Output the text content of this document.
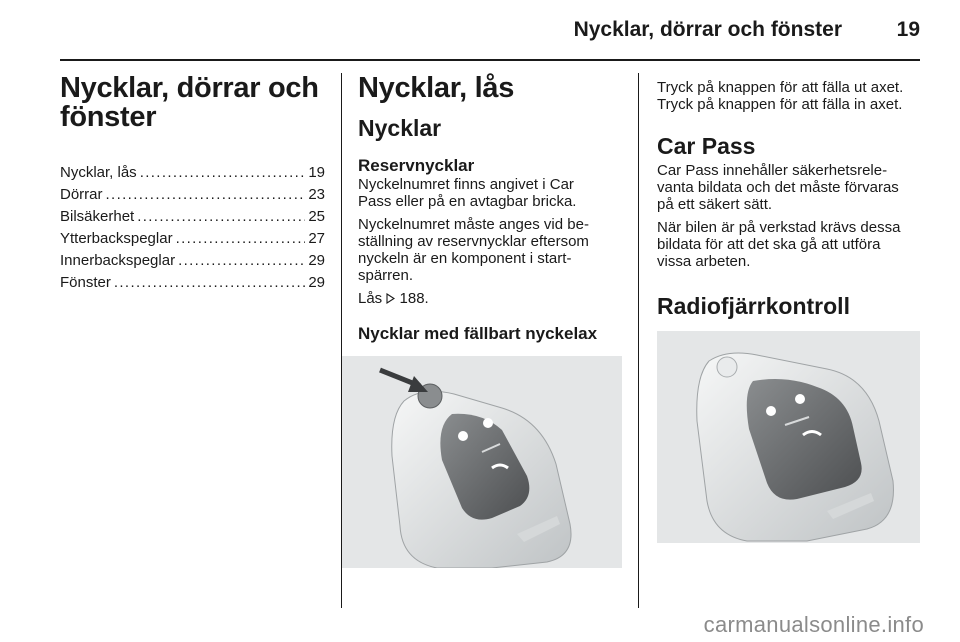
Nycklar, dörrar och fönster	19
Nycklar, dörrar och
fönster
Nycklar, lås . . .	19
Dörrar . . .	23
Bilsäkerhet . . .	25
Ytterbackspeglar . . .	27
Innerbackspeglar . . .	29
Fönster . . .	29
Nycklar, lås
Nycklar
Reservnycklar
Nyckelnumret finns angivet i Car
Pass eller på en avtagbar bricka.
Nyckelnumret måste anges vid be-
ställning av reservnycklar eftersom
nyckeln är en komponent i start-
spärren.
Lås 188.
Nycklar med fällbart nyckelax
Tryck på knappen för att fälla ut axet.
Tryck på knappen för att fälla in axet.
Car Pass
Car Pass innehåller säkerhetsrele-
vanta bildata och det måste förvaras
på ett säkert sätt.
När bilen är på verkstad krävs dessa
bildata för att det ska gå att utföra
vissa arbeten.
Radiofjärrkontroll
carmanualsonline.info
